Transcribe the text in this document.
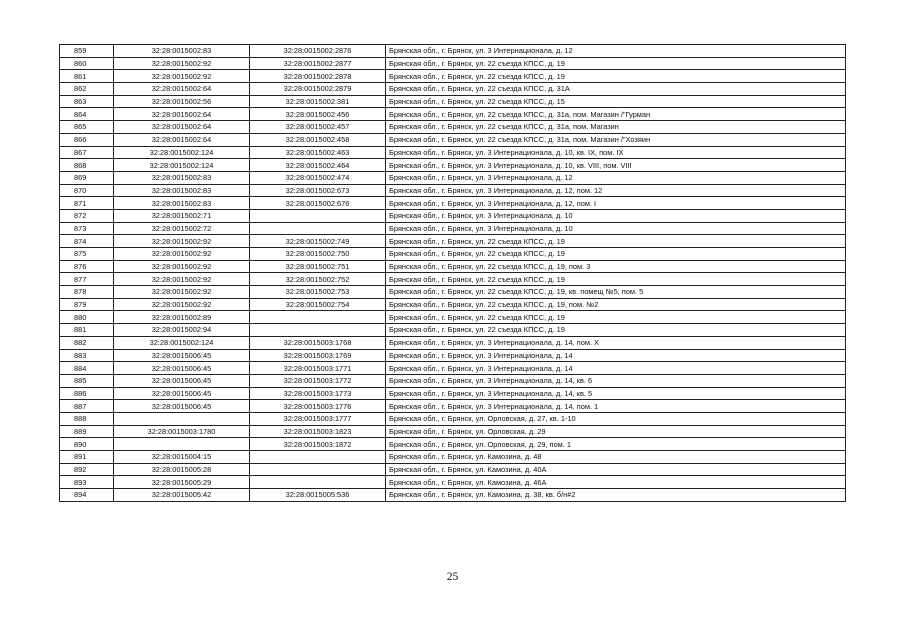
859	32:28:0015002:83	32:28:0015002:2876	Брянская обл., г. Брянск, ул. 3 Интернационала, д. 12
860	32:28:0015002:92	32:28:0015002:2877	Брянская обл., г. Брянск, ул. 22 съезда КПСС, д. 19
861	32:28:0015002:92	32:28:0015002:2878	Брянская обл., г. Брянск, ул. 22 съезда КПСС, д. 19
862	32:28:0015002:64	32:28:0015002:2879	Брянская обл., г. Брянск, ул. 22 съезда КПСС, д. 31А
863	32:28:0015002:56	32:28:0015002:381	Брянская обл., г. Брянск, ул. 22 съезда КПСС, д. 15
864	32:28:0015002:64	32:28:0015002:456	Брянская обл., г. Брянск, ул. 22 съезда КПСС, д. 31а, пом. Магазин /"Гурман
865	32:28:0015002:64	32:28:0015002:457	Брянская обл., г. Брянск, ул. 22 съезда КПСС, д. 31а, пом. Магазин
866	32:28:0015002:64	32:28:0015002:458	Брянская обл., г. Брянск, ул. 22 съезда КПСС, д. 31а, пом. Магазин /"Хозяин
867	32:28:0015002:124	32:28:0015002:463	Брянская обл., г. Брянск, ул. 3 Интернационала, д. 10, кв. IX, пом. IX
868	32:28:0015002:124	32:28:0015002:464	Брянская обл., г. Брянск, ул. 3 Интернационала, д. 10, кв. VIII, пом. VIII
869	32:28:0015002:83	32:28:0015002:474	Брянская обл., г. Брянск, ул. 3 Интернационала, д. 12
870	32:28:0015002:83	32:28:0015002:673	Брянская обл., г. Брянск, ул. 3 Интернационала, д. 12, пом. 12
871	32:28:0015002:83	32:28:0015002:676	Брянская обл., г. Брянск, ул. 3 Интернационала, д. 12, пом. I
872	32:28:0015002:71		Брянская обл., г. Брянск, ул. 3 Интернационала, д. 10
873	32:28:0015002:72		Брянская обл., г. Брянск, ул. 3 Интернационала, д. 10
874	32:28:0015002:92	32:28:0015002:749	Брянская обл., г. Брянск, ул. 22 съезда КПСС, д. 19
875	32:28:0015002:92	32:28:0015002:750	Брянская обл., г. Брянск, ул. 22 съезда КПСС, д. 19
876	32:28:0015002:92	32:28:0015002:751	Брянская обл., г. Брянск, ул. 22 съезда КПСС, д. 19, пом. 3
877	32:28:0015002:92	32:28:0015002:752	Брянская обл., г. Брянск, ул. 22 съезда КПСС, д. 19
878	32:28:0015002:92	32:28:0015002:753	Брянская обл., г. Брянск, ул. 22 съезда КПСС, д. 19, кв. помещ №5, пом. 5
879	32:28:0015002:92	32:28:0015002:754	Брянская обл., г. Брянск, ул. 22 съезда КПСС, д. 19, пом. №2
880	32:28:0015002:89		Брянская обл., г. Брянск, ул. 22 съезда КПСС, д. 19
881	32:28:0015002:94		Брянская обл., г. Брянск, ул. 22 съезда КПСС, д. 19
882	32:28:0015002:124	32:28:0015003:1768	Брянская обл., г. Брянск, ул. 3 Интернационала, д. 14, пом. X
883	32:28:0015006:45	32:28:0015003:1769	Брянская обл., г. Брянск, ул. 3 Интернационала, д. 14
884	32:28:0015006:45	32:28:0015003:1771	Брянская обл., г. Брянск, ул. 3 Интернационала, д. 14
885	32:28:0015006:45	32:28:0015003:1772	Брянская обл., г. Брянск, ул. 3 Интернационала, д. 14, кв. 6
886	32:28:0015006:45	32:28:0015003:1773	Брянская обл., г. Брянск, ул. 3 Интернационала, д. 14, кв. 5
887	32:28:0015006:45	32:28:0015003:1776	Брянская обл., г. Брянск, ул. 3 Интернационала, д. 14, пом. 1
888		32:28:0015003:1777	Брянская обл., г. Брянск, ул. Орловская, д. 27, кв. 1-10
889	32:28:0015003:1780	32:28:0015003:1823	Брянская обл., г. Брянск, ул. Орловская, д. 29
890		32:28:0015003:1872	Брянская обл., г. Брянск, ул. Орловская, д. 29, пом. 1
891	32:28:0015004:15		Брянская обл., г. Брянск, ул. Камозина, д. 48
892	32:28:0015005:28		Брянская обл., г. Брянск, ул. Камозина, д. 40А
893	32:28:0015005:29		Брянская обл., г. Брянск, ул. Камозина, д. 46А
894	32:28:0015005:42	32:28:0015005:536	Брянская обл., г. Брянск, ул. Камозина, д. 38, кв. б/н#2
25
